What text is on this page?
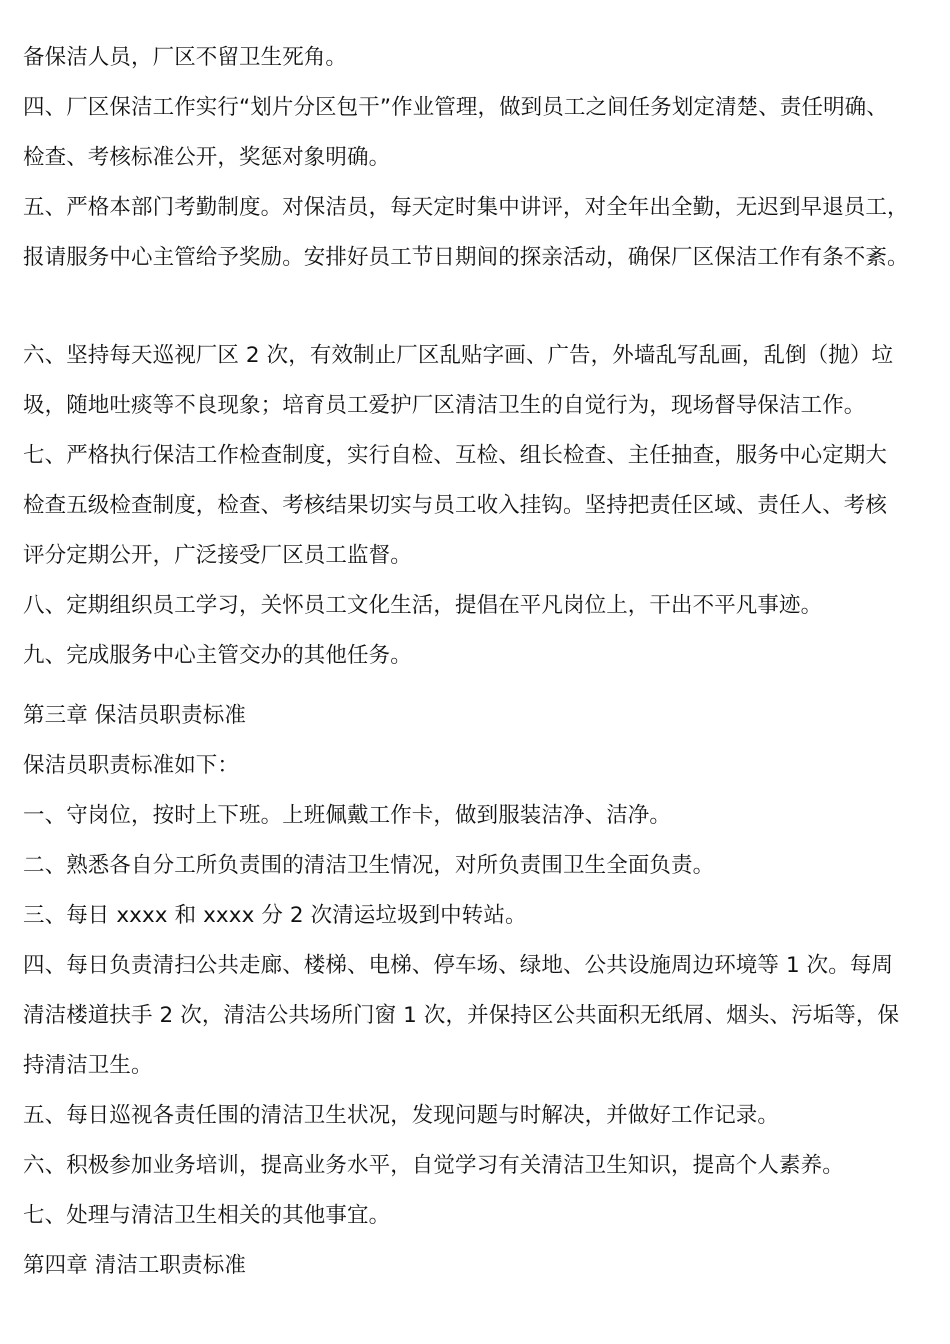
备保洁人员，厂区不留卫生死角。
四、厂区保洁工作实行“划片分区包干”作业管理，做到员工之间任务划定清楚、责任明确、
检查、考核标准公开，奖惩对象明确。
五、严格本部门考勤制度。对保洁员，每天定时集中讲评，对全年出全勤，无迟到早退员工，
报请服务中心主管给予奖励。安排好员工节日期间的探亲活动，确保厂区保洁工作有条不紊。
六、坚持每天巡视厂区 2 次，有效制止厂区乱贴字画、广告，外墙乱写乱画，乱倒（抛）垃
圾，随地吐痰等不良现象；培育员工爱护厂区清洁卫生的自觉行为，现场督导保洁工作。
七、严格执行保洁工作检查制度，实行自检、互检、组长检查、主任抽查，服务中心定期大
检查五级检查制度，检查、考核结果切实与员工收入挂钩。坚持把责任区域、责任人、考核
评分定期公开，广泛接受厂区员工监督。
八、定期组织员工学习，关怀员工文化生活，提倡在平凡岗位上，干出不平凡事迹。
九、完成服务中心主管交办的其他任务。
第三章 保洁员职责标准
保洁员职责标准如下：
一、守岗位，按时上下班。上班佩戴工作卡，做到服装洁净、洁净。
二、熟悉各自分工所负责围的清洁卫生情况，对所负责围卫生全面负责。
三、每日 xxxx 和 xxxx 分 2 次清运垃圾到中转站。
四、每日负责清扫公共走廊、楼梯、电梯、停车场、绿地、公共设施周边环境等 1 次。每周
清洁楼道扶手 2 次，清洁公共场所门窗 1 次，并保持区公共面积无纸屑、烟头、污垢等，保
持清洁卫生。
五、每日巡视各责任围的清洁卫生状况，发现问题与时解决，并做好工作记录。
六、积极参加业务培训，提高业务水平，自觉学习有关清洁卫生知识，提高个人素养。
七、处理与清洁卫生相关的其他事宜。
第四章 清洁工职责标准
